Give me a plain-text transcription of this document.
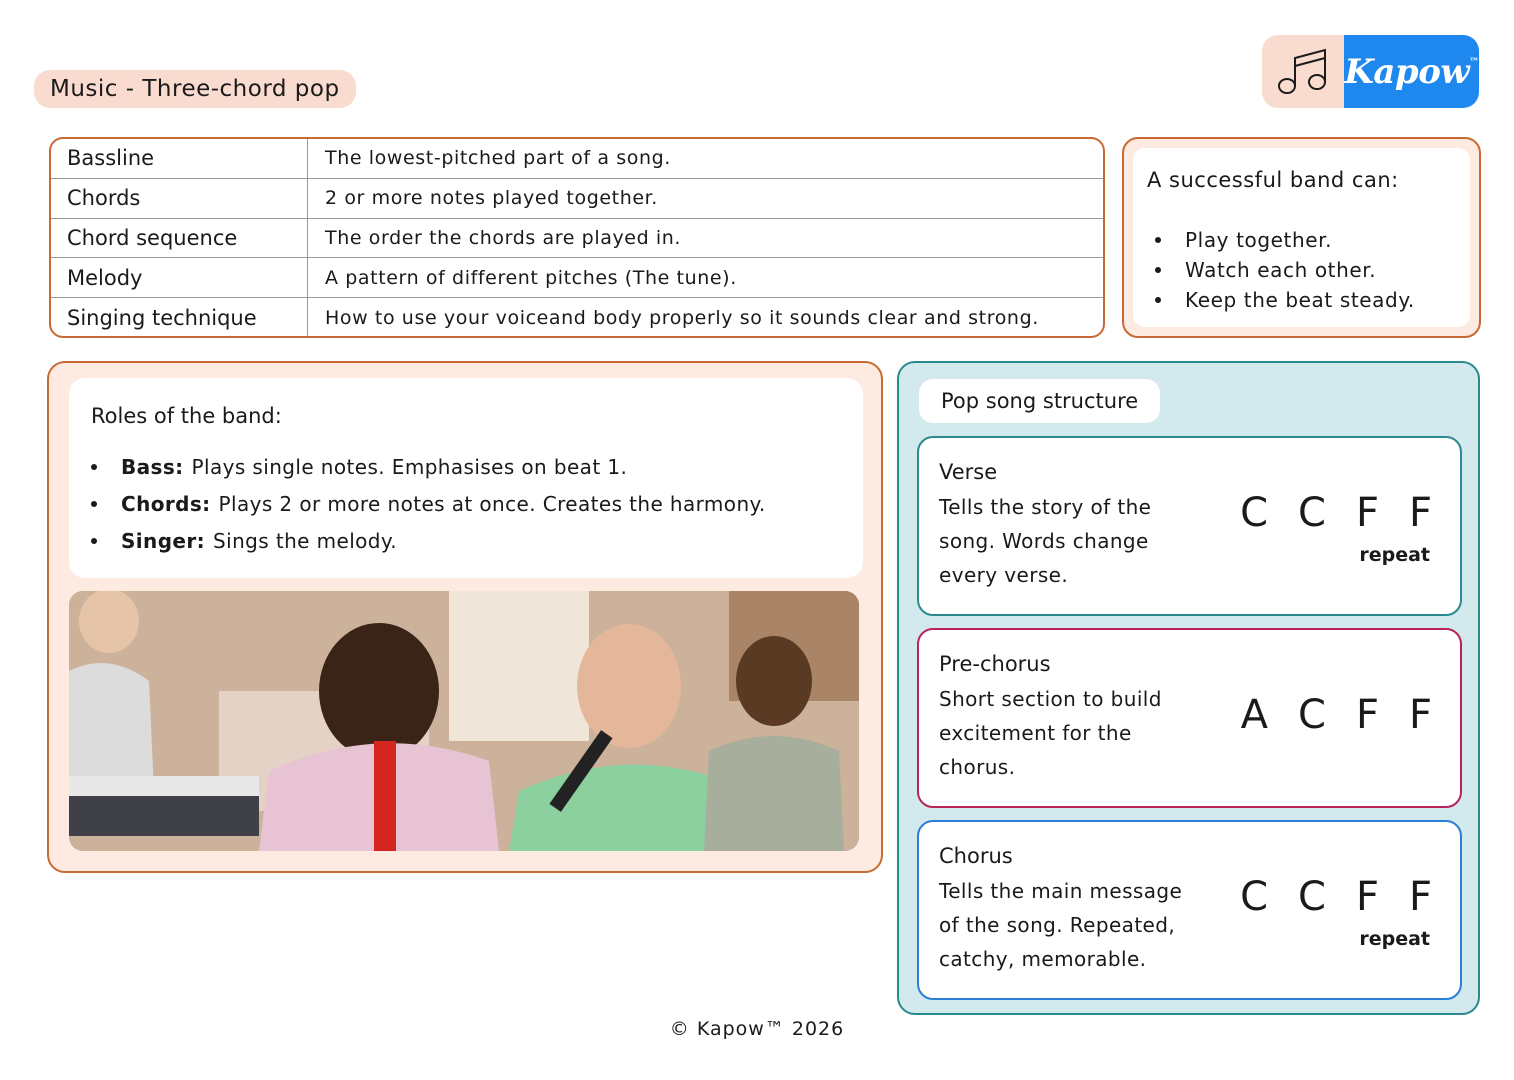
Music - Three-chord pop	Kapow™
Bassline	The lowest-pitched part of a song.
Chords	2 or more notes played together.
Chord sequence	The order the chords are played in.
Melody	A pattern of different pitches (The tune).
Singing technique	How to use your voiceand body properly so it sounds clear and strong.
A successful band can:
Play together.
Watch each other.
Keep the beat steady.
Roles of the band:
Bass: Plays single notes. Emphasises on beat 1.
Chords: Plays 2 or more notes at once. Creates the harmony.
Singer: Sings the melody.
Pop song structure
Verse
Tells the story of the song. Words change every verse.
C C F F
repeat
Pre-chorus
Short section to build excitement for the chorus.
A C F F
Chorus
Tells the main message of the song. Repeated, catchy, memorable.
C C F F
repeat
© Kapow™ 2026
